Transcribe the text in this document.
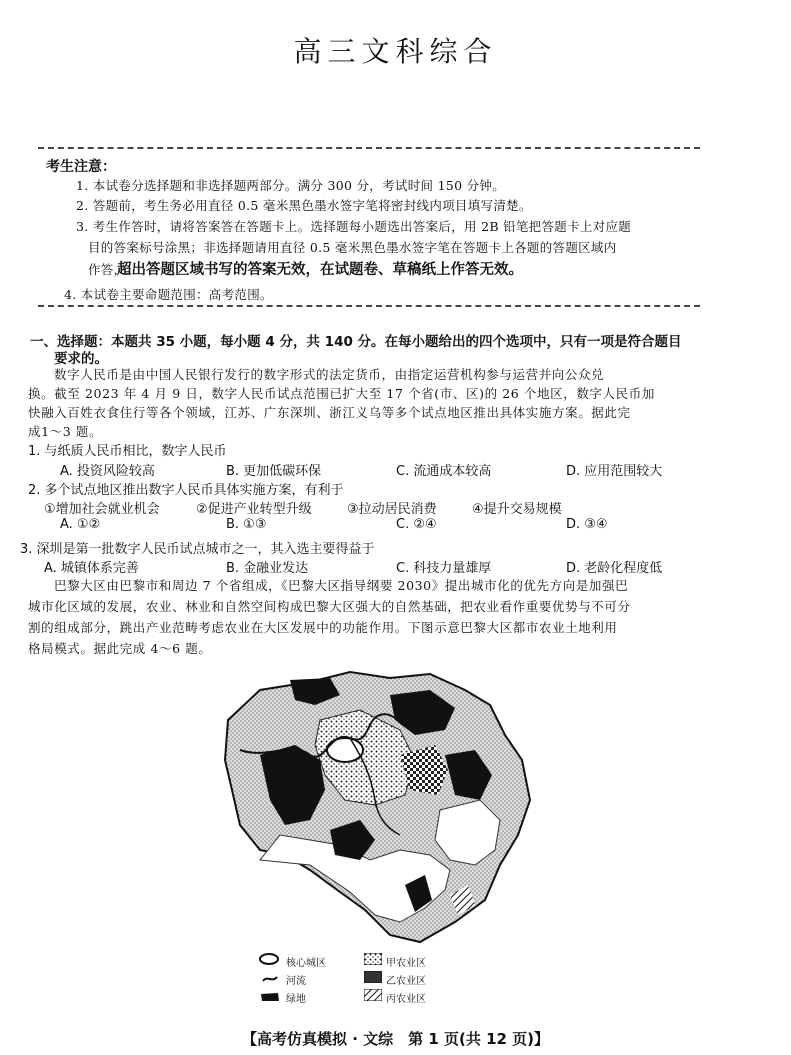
高三文科综合
考生注意：
1. 本试卷分选择题和非选择题两部分。满分 300 分，考试时间 150 分钟。
2. 答题前，考生务必用直径 0.5 毫米黑色墨水签字笔将密封线内项目填写清楚。
3. 考生作答时，请将答案答在答题卡上。选择题每小题选出答案后，用 2B 铅笔把答题卡上对应题
目的答案标号涂黑；非选择题请用直径 0.5 毫米黑色墨水签字笔在答题卡上各题的答题区域内
作答，
超出答题区域书写的答案无效，在试题卷、草稿纸上作答无效。
4. 本试卷主要命题范围：高考范围。
一、选择题：本题共 35 小题，每小题 4 分，共 140 分。在每小题给出的四个选项中，只有一项是符合题目
要求的。
数字人民币是由中国人民银行发行的数字形式的法定货币，由指定运营机构参与运营并向公众兑
换。截至 2023 年 4 月 9 日，数字人民币试点范围已扩大至 17 个省(市、区)的 26 个地区，数字人民币加
快融入百姓衣食住行等各个领域，江苏、广东深圳、浙江义乌等多个试点地区推出具体实施方案。据此完
成1～3 题。
1. 与纸质人民币相比，数字人民币
A. 投资风险较高	B. 更加低碳环保	C. 流通成本较高	D. 应用范围较大
2. 多个试点地区推出数字人民币具体实施方案，有利于
①增加社会就业机会	②促进产业转型升级	③拉动居民消费	④提升交易规模
A. ①②	B. ①③	C. ②④	D. ③④
3. 深圳是第一批数字人民币试点城市之一，其入选主要得益于
A. 城镇体系完善	B. 金融业发达	C. 科技力量雄厚	D. 老龄化程度低
巴黎大区由巴黎市和周边 7 个省组成，《巴黎大区指导纲要 2030》提出城市化的优先方向是加强巴
城市化区域的发展，农业、林业和自然空间构成巴黎大区强大的自然基础，把农业看作重要优势与不可分
割的组成部分，跳出产业范畴考虑农业在大区发展中的功能作用。下图示意巴黎大区都市农业土地利用
格局模式。据此完成 4～6 题。
核心城区
河流
绿地
甲农业区
乙农业区
丙农业区
【高考仿真模拟 · 文综　第 1 页(共 12 页)】
